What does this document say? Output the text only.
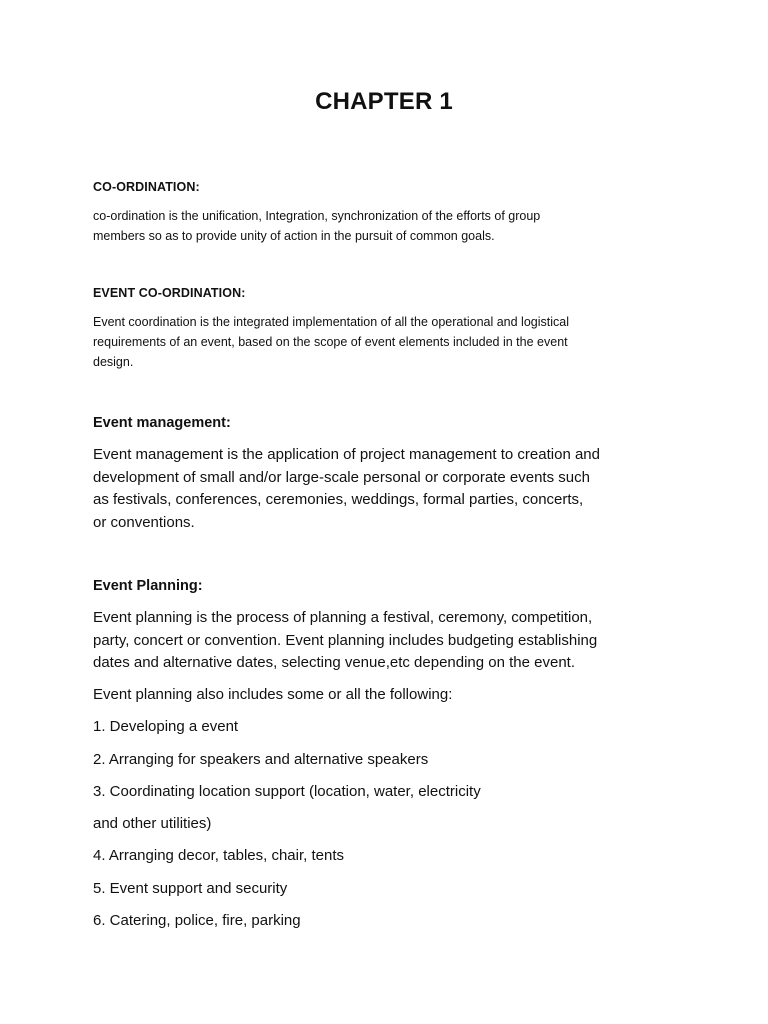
CHAPTER 1
CO-ORDINATION:
co-ordination is the unification, Integration, synchronization of the efforts of group
members so as to provide unity of action in the pursuit of common goals.
EVENT CO-ORDINATION:
Event coordination is the integrated implementation of all the operational and logistical
requirements of an event, based on the scope of event elements included in the event
design.
Event management:
Event management is the application of project management to creation and
development of small and/or large-scale personal or corporate events such
as festivals, conferences, ceremonies, weddings, formal parties, concerts,
or conventions.
Event Planning:
Event planning is the process of planning a festival, ceremony, competition,
party, concert or convention. Event planning includes budgeting establishing
dates and alternative dates, selecting venue,etc depending on the event.
Event planning also includes some or all the following:
1. Developing a event
2. Arranging for speakers and alternative speakers
3. Coordinating location support (location, water, electricity
and other utilities)
4. Arranging decor, tables, chair, tents
5. Event support and security
6. Catering, police, fire, parking
